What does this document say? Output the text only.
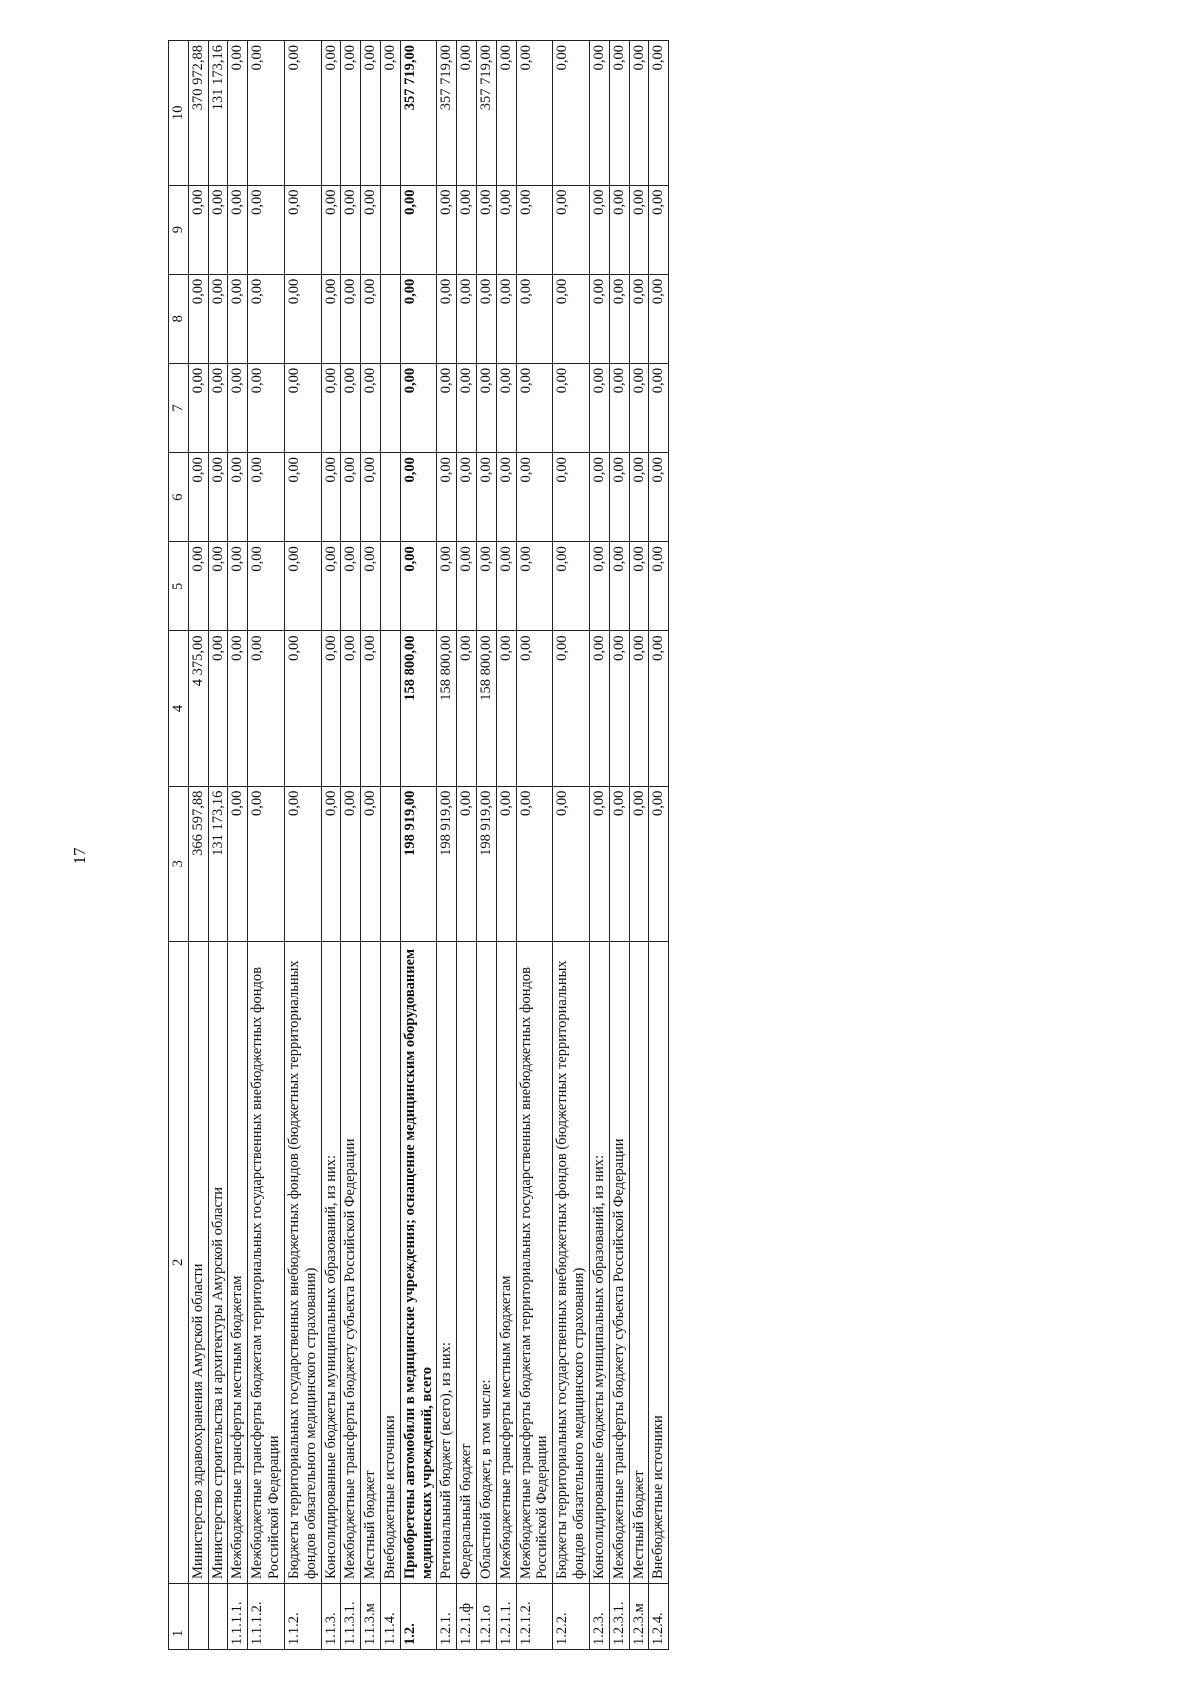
17
1	2	3	4	5	6	7	8	9	10
	Министерство здравоохранения Амурской области	366 597,88	4 375,00	0,00	0,00	0,00	0,00	0,00	370 972,88
	Министерство строительства и архитектуры Амурской области	131 173,16	0,00	0,00	0,00	0,00	0,00	0,00	131 173,16
1.1.1.1.	Межбюджетные трансферты местным бюджетам	0,00	0,00	0,00	0,00	0,00	0,00	0,00	0,00
1.1.1.2.	Межбюджетные трансферты бюджетам территориальных государственных внебюджетных фондов Российской Федерации	0,00	0,00	0,00	0,00	0,00	0,00	0,00	0,00
1.1.2.	Бюджеты территориальных государственных внебюджетных фондов (бюджетных территориальных фондов обязательного медицинского страхования)	0,00	0,00	0,00	0,00	0,00	0,00	0,00	0,00
1.1.3.	Консолидированные бюджеты муниципальных образований, из них:	0,00	0,00	0,00	0,00	0,00	0,00	0,00	0,00
1.1.3.1.	Межбюджетные трансферты бюджету субъекта Российской Федерации	0,00	0,00	0,00	0,00	0,00	0,00	0,00	0,00
1.1.3.м	Местный бюджет	0,00	0,00	0,00	0,00	0,00	0,00	0,00	0,00
1.1.4.	Внебюджетные источники								0,00
1.2.	Приобретены автомобили в медицинские учреждения; оснащение медицинским оборудованием медицинских учреждений, всего	198 919,00	158 800,00	0,00	0,00	0,00	0,00	0,00	357 719,00
1.2.1.	Региональный бюджет (всего), из них:	198 919,00	158 800,00	0,00	0,00	0,00	0,00	0,00	357 719,00
1.2.1.ф	Федеральный бюджет	0,00	0,00	0,00	0,00	0,00	0,00	0,00	0,00
1.2.1.о	Областной бюджет, в том числе:	198 919,00	158 800,00	0,00	0,00	0,00	0,00	0,00	357 719,00
1.2.1.1.	Межбюджетные трансферты местным бюджетам	0,00	0,00	0,00	0,00	0,00	0,00	0,00	0,00
1.2.1.2.	Межбюджетные трансферты бюджетам территориальных государственных внебюджетных фондов Российской Федерации	0,00	0,00	0,00	0,00	0,00	0,00	0,00	0,00
1.2.2.	Бюджеты территориальных государственных внебюджетных фондов (бюджетных территориальных фондов обязательного медицинского страхования)	0,00	0,00	0,00	0,00	0,00	0,00	0,00	0,00
1.2.3.	Консолидированные бюджеты муниципальных образований, из них:	0,00	0,00	0,00	0,00	0,00	0,00	0,00	0,00
1.2.3.1.	Межбюджетные трансферты бюджету субъекта Российской Федерации	0,00	0,00	0,00	0,00	0,00	0,00	0,00	0,00
1.2.3.м	Местный бюджет	0,00	0,00	0,00	0,00	0,00	0,00	0,00	0,00
1.2.4.	Внебюджетные источники	0,00	0,00	0,00	0,00	0,00	0,00	0,00	0,00
